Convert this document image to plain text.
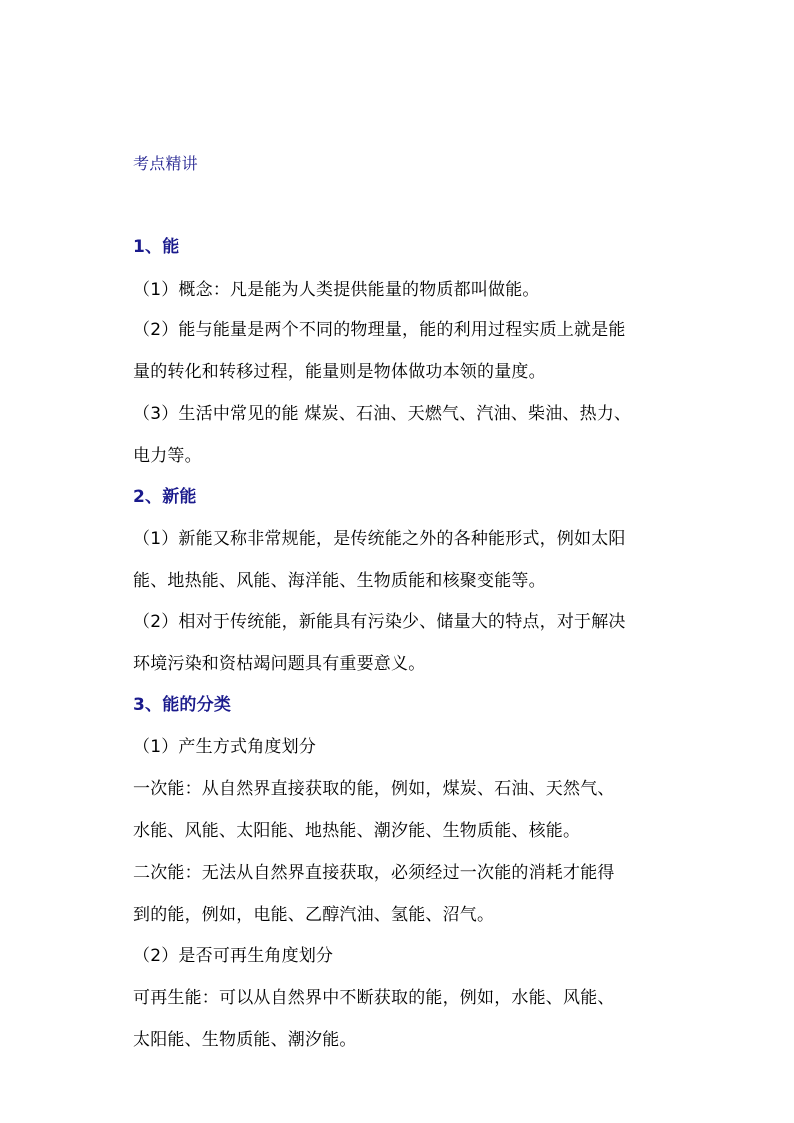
考点精讲
1、能
（1）概念：凡是能为人类提供能量的物质都叫做能。
（2）能与能量是两个不同的物理量，能的利用过程实质上就是能
量的转化和转移过程，能量则是物体做功本领的量度。
（3）生活中常见的能 煤炭、石油、天燃气、汽油、柴油、热力、
电力等。
2、新能
（1）新能又称非常规能，是传统能之外的各种能形式，例如太阳
能、地热能、风能、海洋能、生物质能和核聚变能等。
（2）相对于传统能，新能具有污染少、储量大的特点，对于解决
环境污染和资枯竭问题具有重要意义。
3、能的分类
（1）产生方式角度划分
一次能：从自然界直接获取的能，例如，煤炭、石油、天然气、
水能、风能、太阳能、地热能、潮汐能、生物质能、核能。
二次能：无法从自然界直接获取，必须经过一次能的消耗才能得
到的能，例如，电能、乙醇汽油、氢能、沼气。
（2）是否可再生角度划分
可再生能：可以从自然界中不断获取的能，例如，水能、风能、
太阳能、生物质能、潮汐能。
